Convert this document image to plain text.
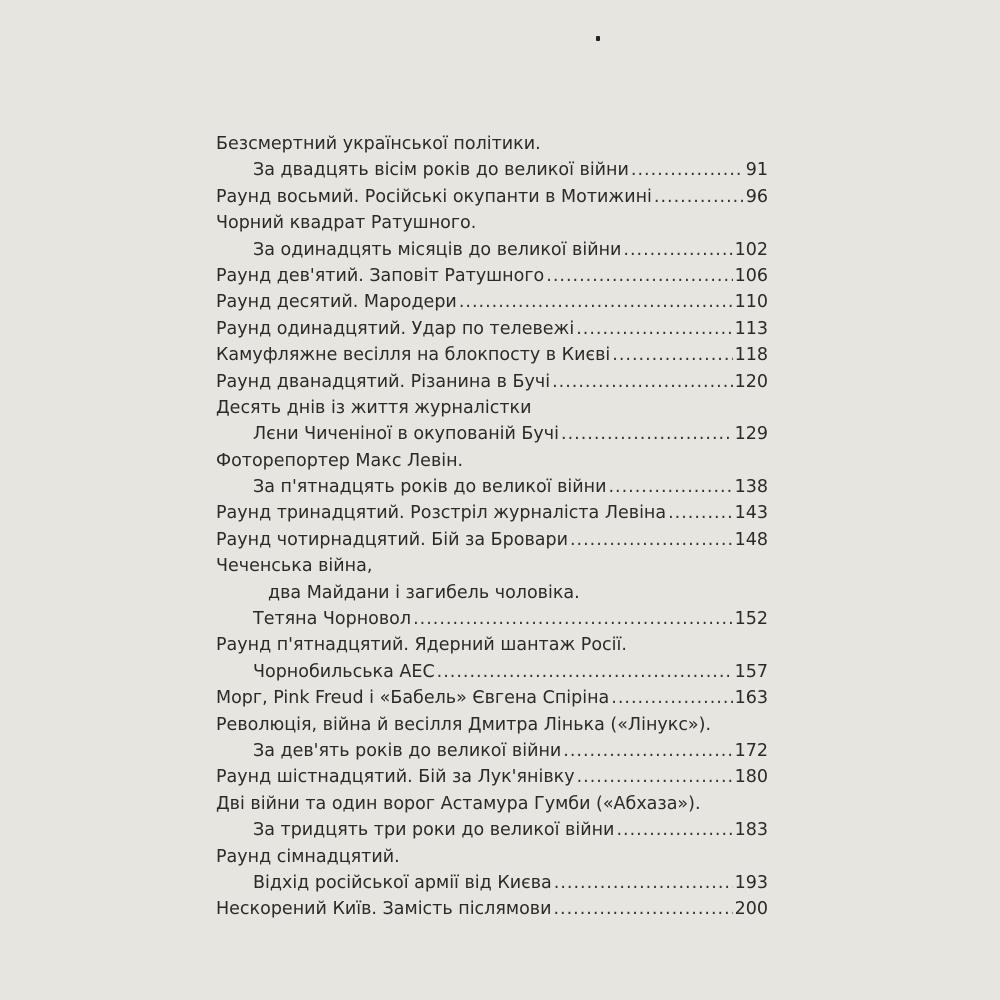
Безсмертний української політики.
За двадцять вісім років до великої війни .....	91
Раунд восьмий. Російські окупанти в Мотижині .....	96
Чорний квадрат Ратушного.
За одинадцять місяців до великої війни .....	102
Раунд дев'ятий. Заповіт Ратушного .....	106
Раунд десятий. Мародери .....	110
Раунд одинадцятий. Удар по телевежі .....	113
Камуфляжне весілля на блокпосту в Києві .....	118
Раунд дванадцятий. Різанина в Бучі .....	120
Десять днів із життя журналістки
Лєни Чиченіної в окупованій Бучі .....	129
Фоторепортер Макс Левін.
За п'ятнадцять років до великої війни .....	138
Раунд тринадцятий. Розстріл журналіста Левіна .....	143
Раунд чотирнадцятий. Бій за Бровари .....	148
Чеченська війна,
два Майдани і загибель чоловіка.
Тетяна Чорновол .....	152
Раунд п'ятнадцятий. Ядерний шантаж Росії.
Чорнобильська АЕС .....	157
Морг, Pink Freud і «Бабель» Євгена Спіріна .....	163
Революція, війна й весілля Дмитра Лінька («Лінукс»).
За дев'ять років до великої війни .....	172
Раунд шістнадцятий. Бій за Лук'янівку .....	180
Дві війни та один ворог Астамура Гумби («Абхаза»).
За тридцять три роки до великої війни .....	183
Раунд сімнадцятий.
Відхід російської армії від Києва .....	193
Нескорений Київ. Замість післямови .....	200
